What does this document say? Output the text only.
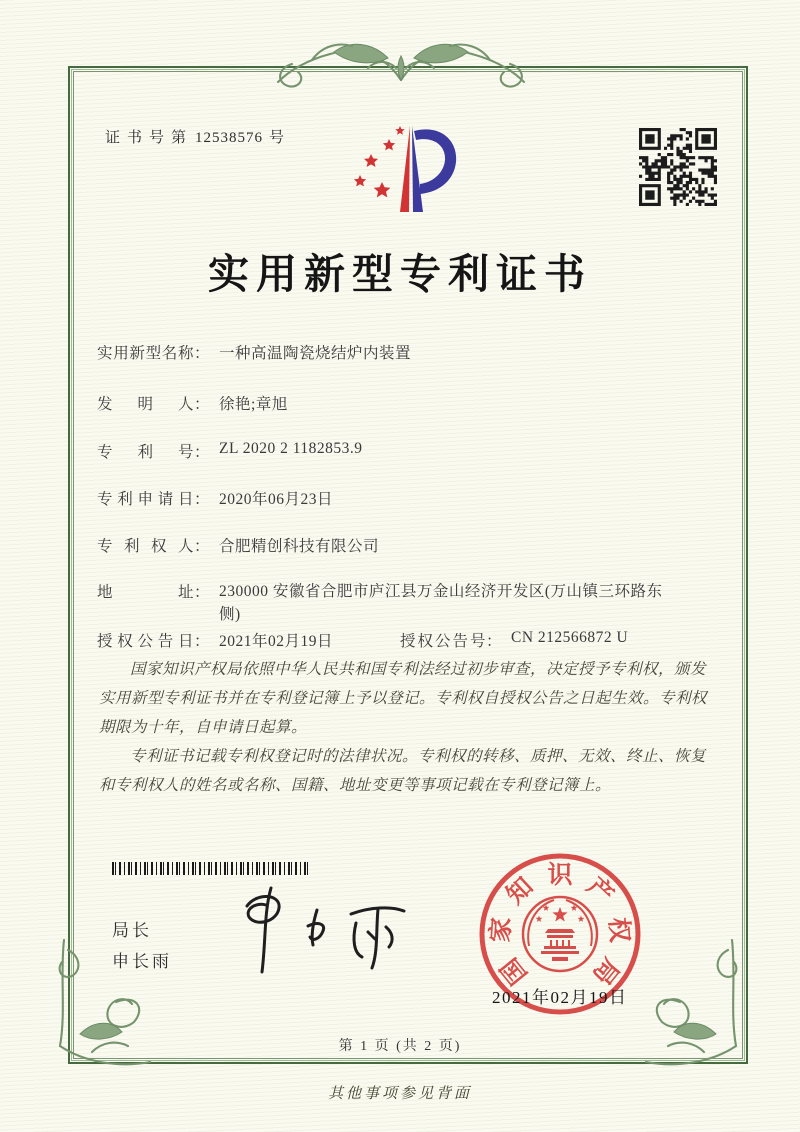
证书号第 12538576 号
实用新型专利证书
实用新型名称： 一种高温陶瓷烧结炉内装置
发明人： 徐艳;章旭
专利号： ZL 2020 2 1182853.9
专利申请日： 2020年06月23日
专利权人： 合肥精创科技有限公司
地址： 230000 安徽省合肥市庐江县万金山经济开发区(万山镇三环路东侧)
授权公告日： 2021年02月19日	授权公告号： CN 212566872 U

国家知识产权局依照中华人民共和国专利法经过初步审查，决定授予专利权，颁发实用新型专利证书并在专利登记簿上予以登记。专利权自授权公告之日起生效。专利权期限为十年，自申请日起算。

专利证书记载专利权登记时的法律状况。专利权的转移、质押、无效、终止、恢复和专利权人的姓名或名称、国籍、地址变更等事项记载在专利登记簿上。

局长
申长雨	国
家
知 识 产
权
局
2021年02月19日
第 1 页 (共 2 页)
其他事项参见背面
